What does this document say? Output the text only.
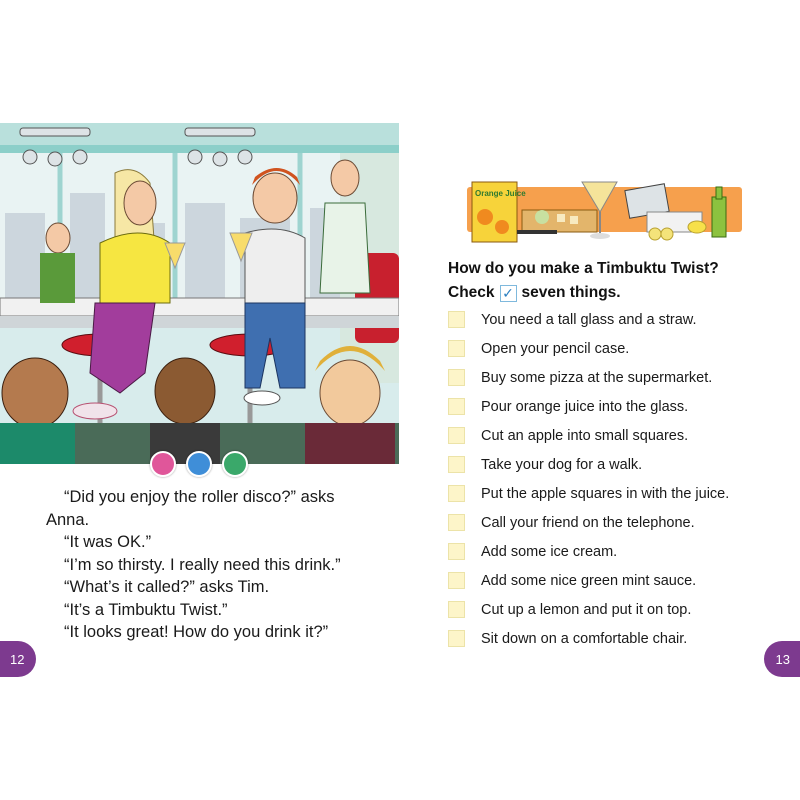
“Did you enjoy the roller disco?” asks

Anna.

“It was OK.”

“I’m so thirsty. I really need this drink.”

“What’s it called?” asks Tim.

“It’s a Timbuktu Twist.”

“It looks great! How do you drink it?”

12
Orange Juice
How do you make a Timbuktu Twist?
Check ✓ seven things.
You need a tall glass and a straw.
Open your pencil case.
Buy some pizza at the supermarket.
Pour orange juice into the glass.
Cut an apple into small squares.
Take your dog for a walk.
Put the apple squares in with the juice.
Call your friend on the telephone.
Add some ice cream.
Add some nice green mint sauce.
Cut up a lemon and put it on top.
Sit down on a comfortable chair.
13
